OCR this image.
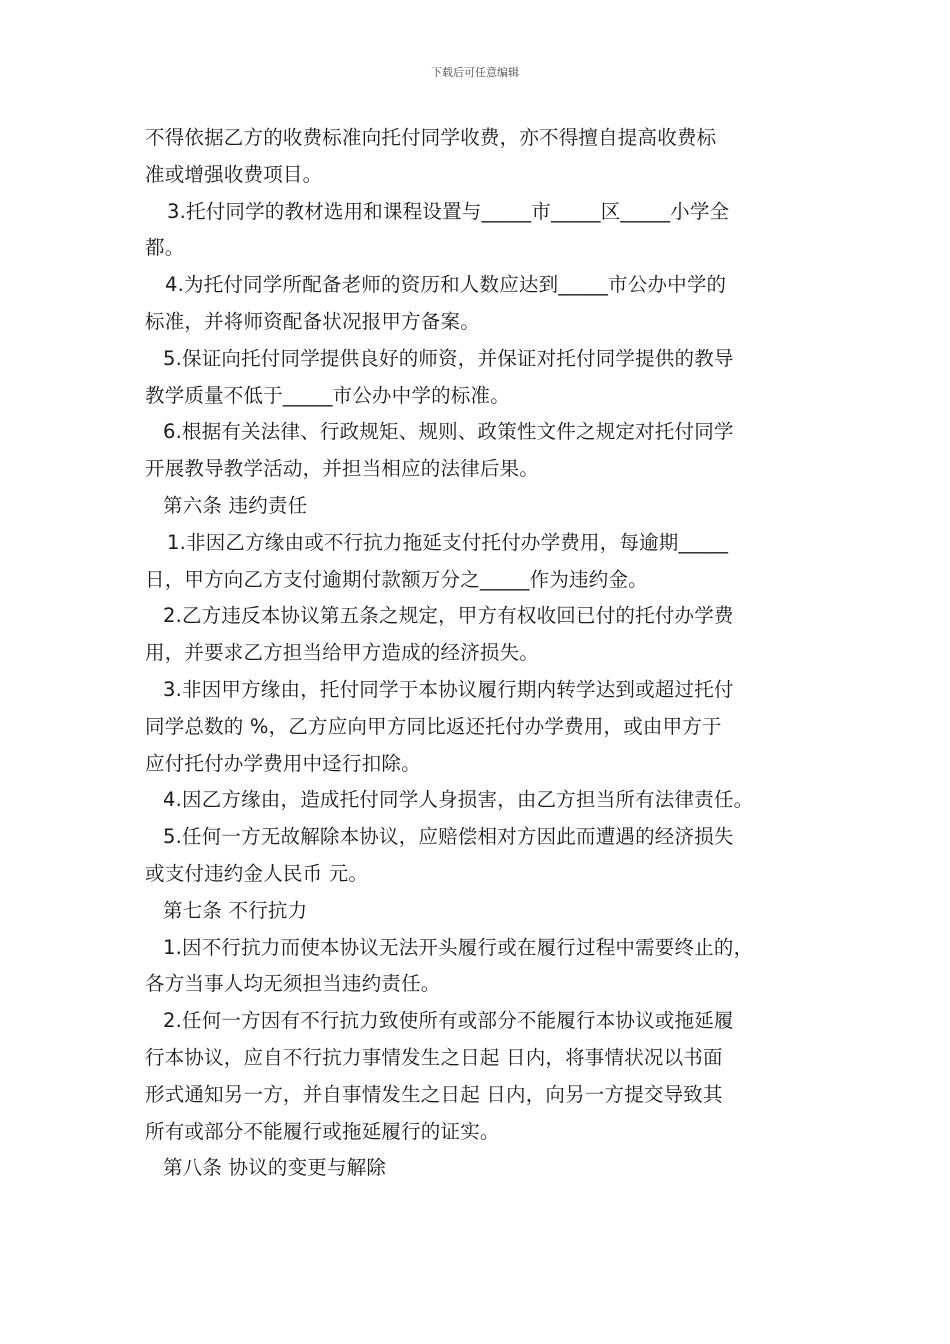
下载后可任意编辑
不得依据乙方的收费标准向托付同学收费，亦不得擅自提高收费标
准或增强收费项目。
3.托付同学的教材选用和课程设置与_____市_____区_____小学全
都。
4.为托付同学所配备老师的资历和人数应达到_____市公办中学的
标准，并将师资配备状况报甲方备案。
5.保证向托付同学提供良好的师资，并保证对托付同学提供的教导
教学质量不低于_____市公办中学的标准。
6.根据有关法律、行政规矩、规则、政策性文件之规定对托付同学
开展教导教学活动，并担当相应的法律后果。
第六条 违约责任
1.非因乙方缘由或不行抗力拖延支付托付办学费用，每逾期_____
日，甲方向乙方支付逾期付款额万分之_____作为违约金。
2.乙方违反本协议第五条之规定，甲方有权收回已付的托付办学费
用，并要求乙方担当给甲方造成的经济损失。
3.非因甲方缘由，托付同学于本协议履行期内转学达到或超过托付
同学总数的 %，乙方应向甲方同比返还托付办学费用，或由甲方于
应付托付办学费用中迳行扣除。
4.因乙方缘由，造成托付同学人身损害，由乙方担当所有法律责任。
5.任何一方无故解除本协议，应赔偿相对方因此而遭遇的经济损失
或支付违约金人民币 元。
第七条 不行抗力
1.因不行抗力而使本协议无法开头履行或在履行过程中需要终止的，
各方当事人均无须担当违约责任。
2.任何一方因有不行抗力致使所有或部分不能履行本协议或拖延履
行本协议，应自不行抗力事情发生之日起 日内，将事情状况以书面
形式通知另一方，并自事情发生之日起 日内，向另一方提交导致其
所有或部分不能履行或拖延履行的证实。
第八条 协议的变更与解除
